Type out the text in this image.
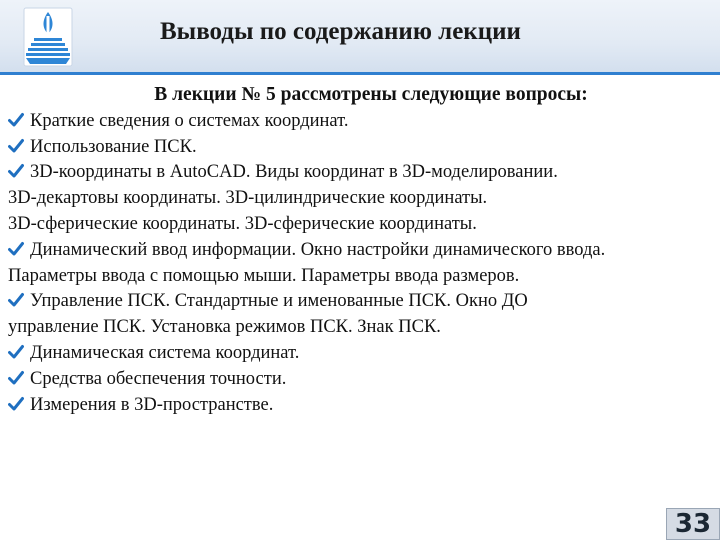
Выводы по содержанию лекции
В лекции № 5 рассмотрены следующие вопросы:
Краткие сведения о системах координат.
Использование ПСК.
3D-координаты в AutoCAD. Виды координат в 3D-моделировании.
3D-декартовы координаты. 3D-цилиндрические координаты.
3D-сферические координаты. 3D-сферические координаты.
Динамический ввод информации. Окно настройки динамического ввода.
Параметры ввода с помощью мыши. Параметры ввода размеров.
Управление ПСК. Стандартные и именованные ПСК. Окно ДО
управление ПСК. Установка режимов ПСК. Знак ПСК.
Динамическая система координат.
Средства обеспечения точности.
Измерения в 3D-пространстве.
33
